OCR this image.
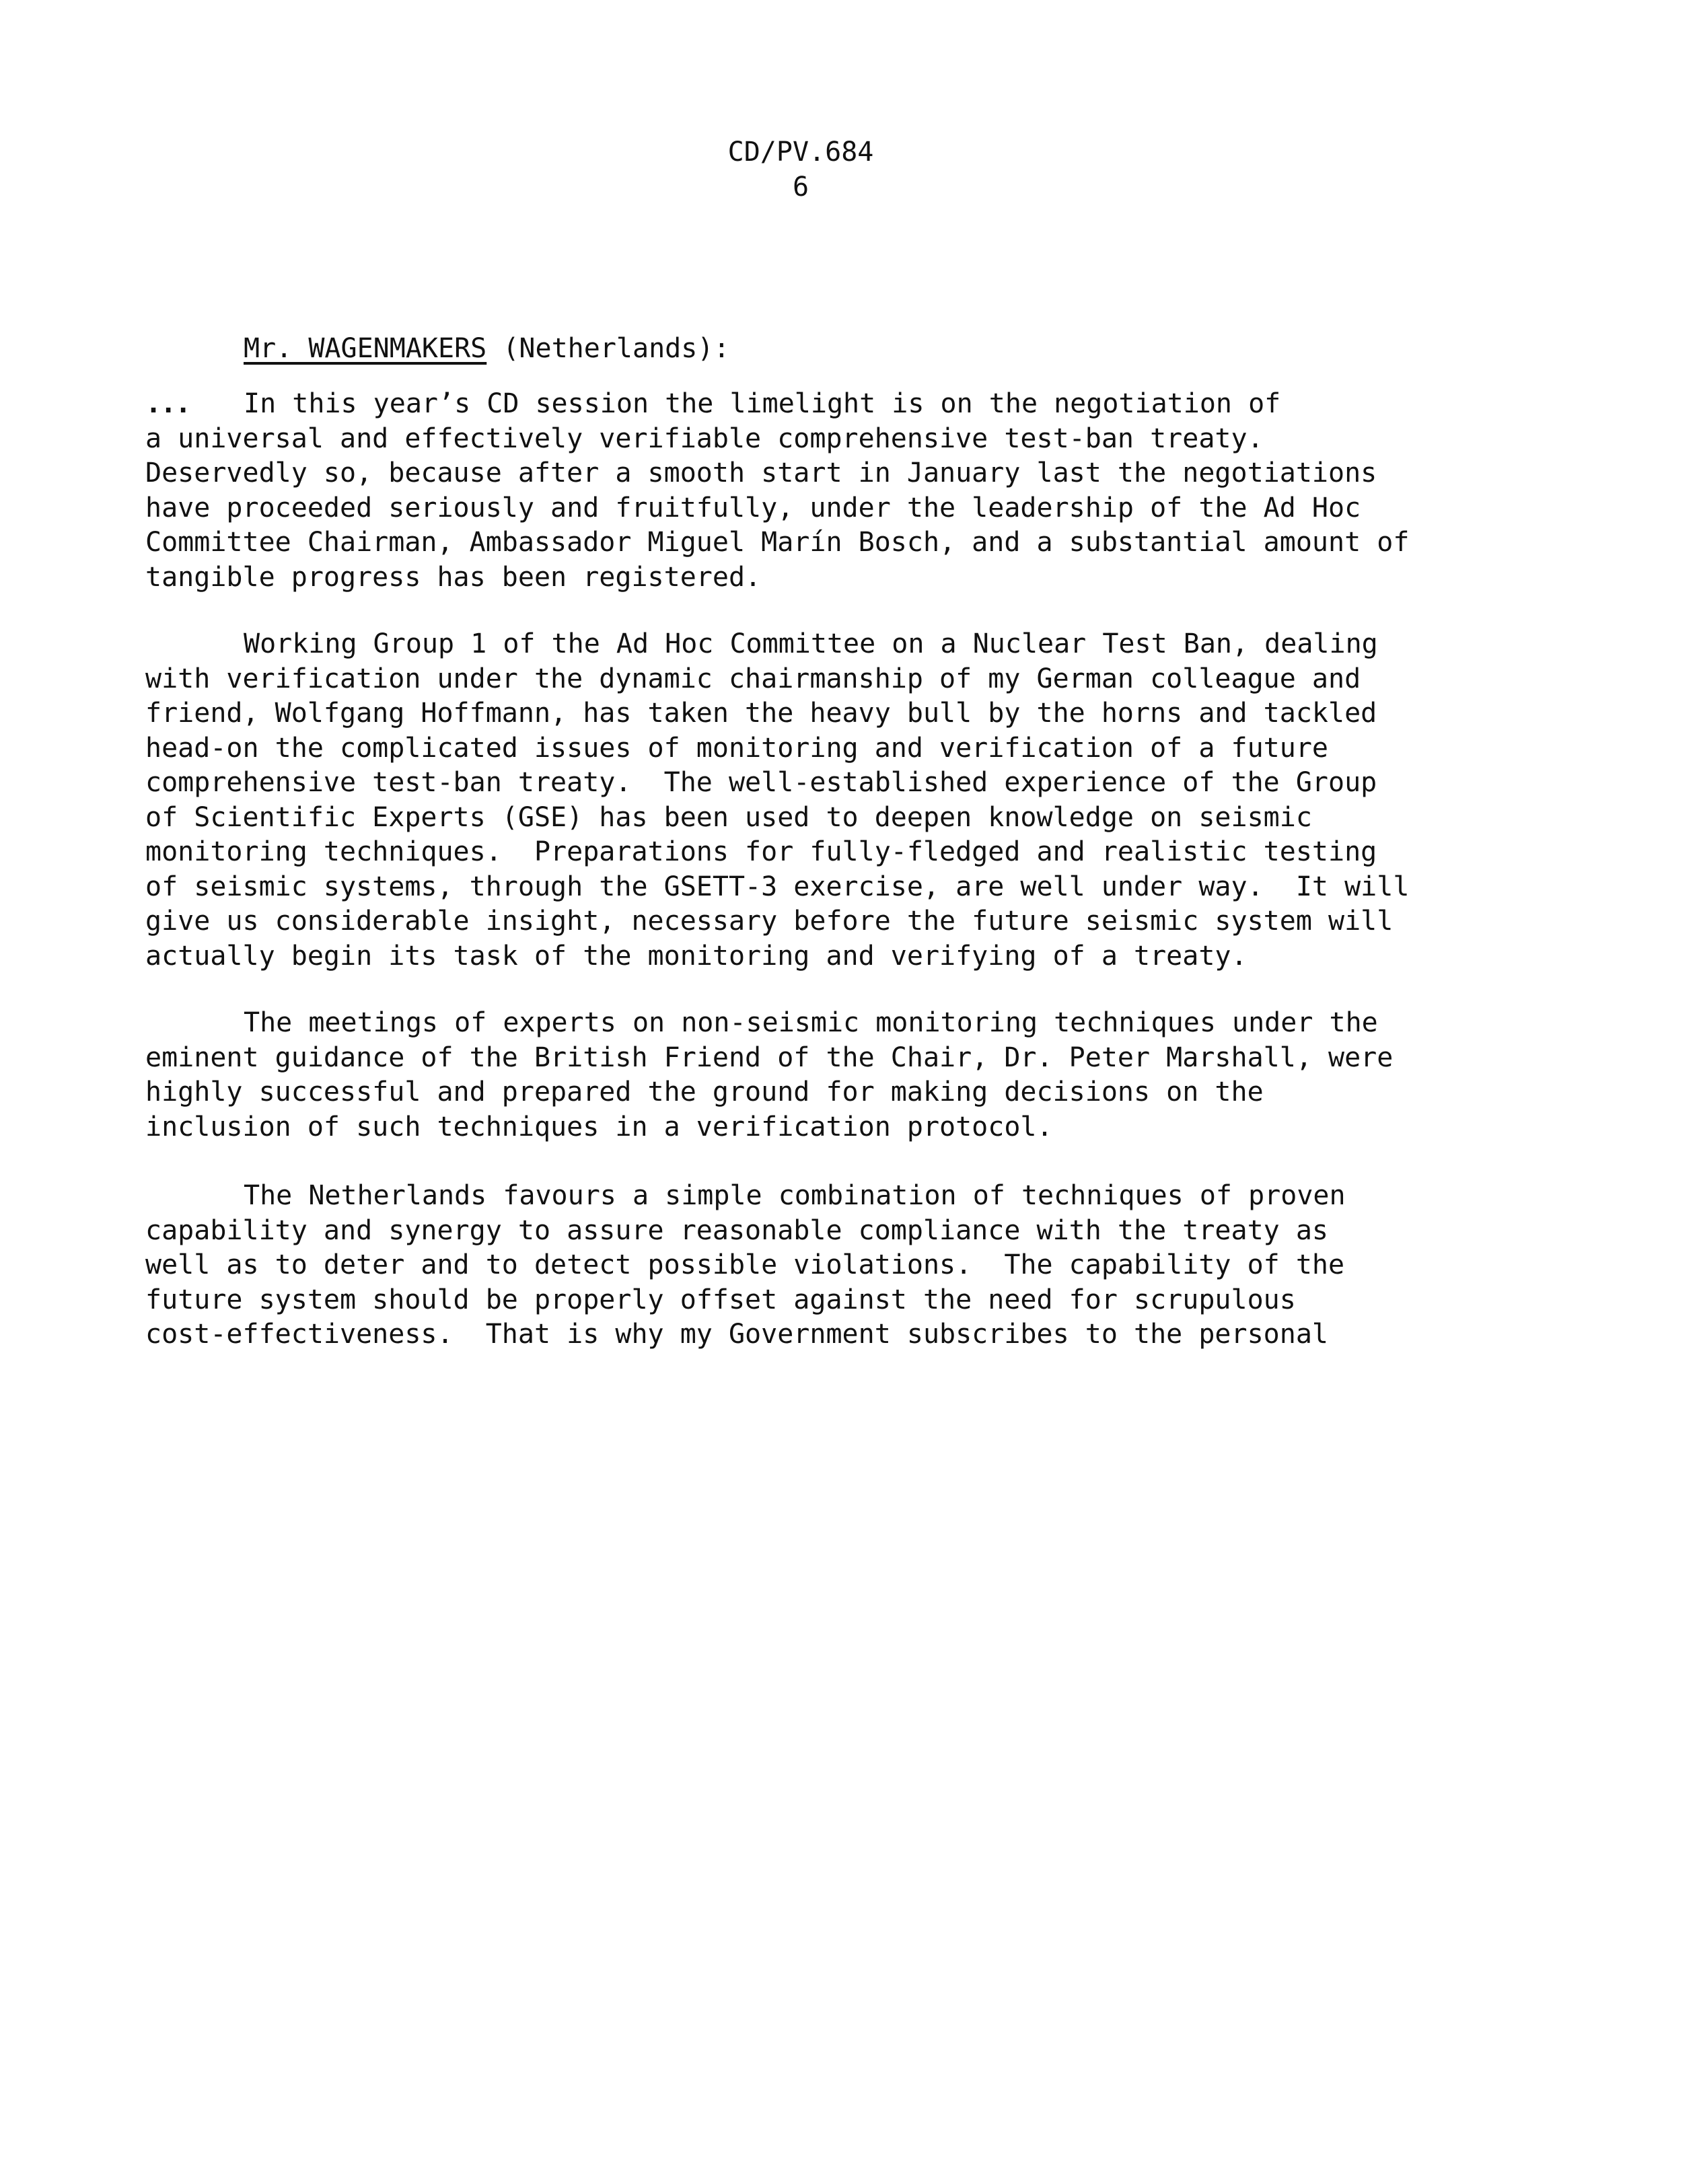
CD/PV.684
6
Mr. WAGENMAKERS (Netherlands):
... In this year’s CD session the limelight is on the negotiation of
a universal and effectively verifiable comprehensive test-ban treaty.
Deservedly so, because after a smooth start in January last the negotiations
have proceeded seriously and fruitfully, under the leadership of the Ad Hoc
Committee Chairman, Ambassador Miguel Marín Bosch, and a substantial amount of
tangible progress has been registered.
Working Group 1 of the Ad Hoc Committee on a Nuclear Test Ban, dealing
with verification under the dynamic chairmanship of my German colleague and
friend, Wolfgang Hoffmann, has taken the heavy bull by the horns and tackled
head-on the complicated issues of monitoring and verification of a future
comprehensive test-ban treaty.  The well-established experience of the Group
of Scientific Experts (GSE) has been used to deepen knowledge on seismic
monitoring techniques.  Preparations for fully-fledged and realistic testing
of seismic systems, through the GSETT-3 exercise, are well under way.  It will
give us considerable insight, necessary before the future seismic system will
actually begin its task of the monitoring and verifying of a treaty.
The meetings of experts on non-seismic monitoring techniques under the
eminent guidance of the British Friend of the Chair, Dr. Peter Marshall, were
highly successful and prepared the ground for making decisions on the
inclusion of such techniques in a verification protocol.
The Netherlands favours a simple combination of techniques of proven
capability and synergy to assure reasonable compliance with the treaty as
well as to deter and to detect possible violations.  The capability of the
future system should be properly offset against the need for scrupulous
cost-effectiveness.  That is why my Government subscribes to the personal
